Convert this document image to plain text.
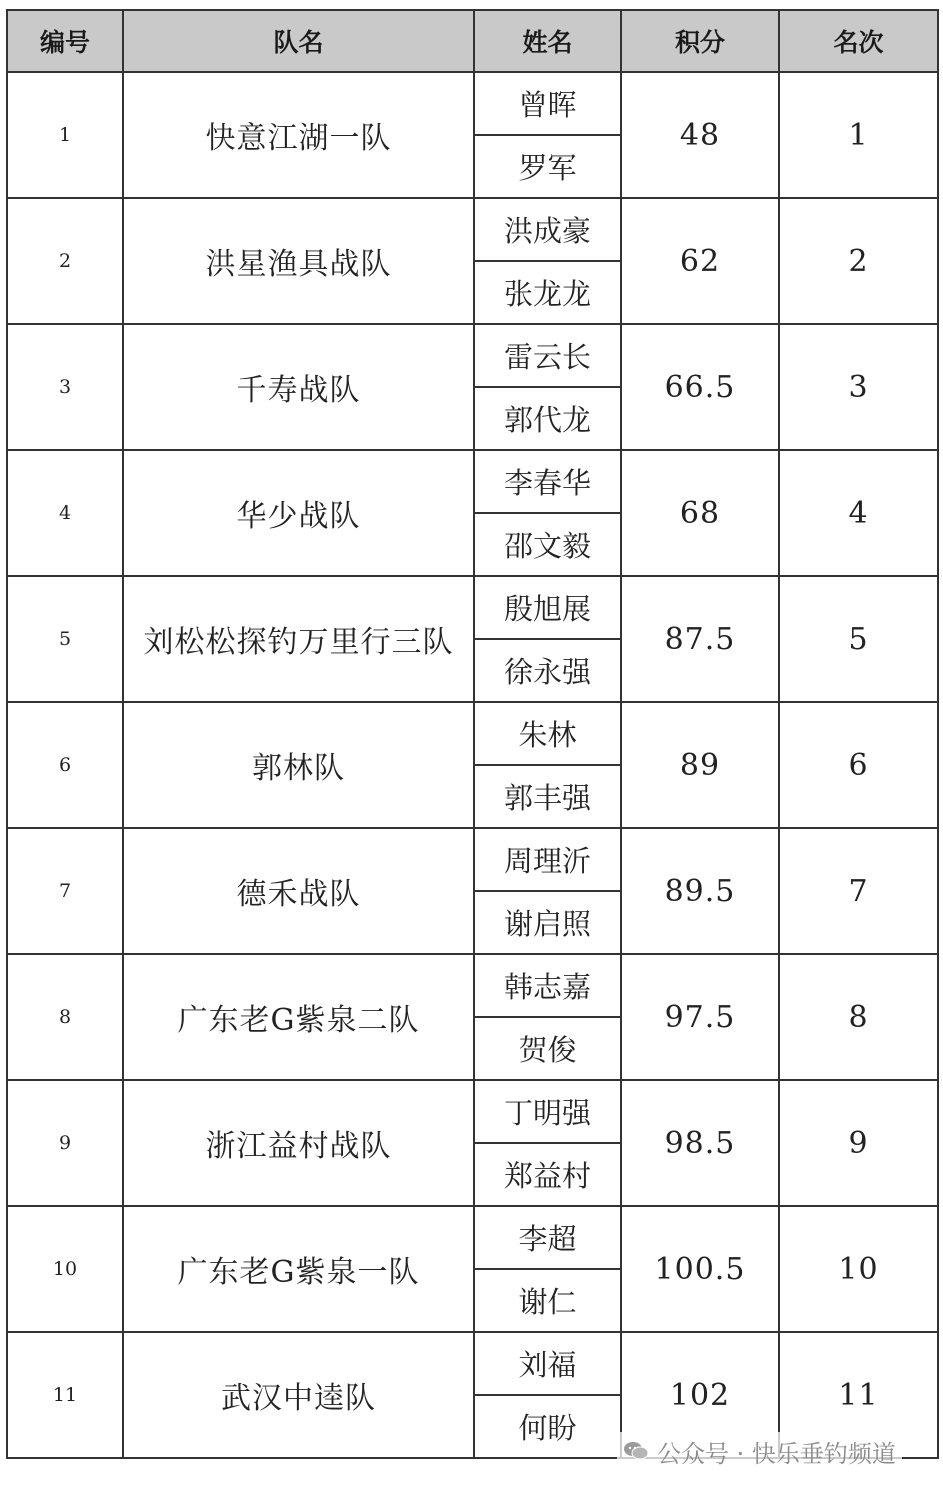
编号	队名	姓名	积分	名次
1	快意江湖一队	曾晖	48	1
		罗军		
2	洪星渔具战队	洪成豪	62	2
		张龙龙		
3	千寿战队	雷云长	66.5	3
		郭代龙		
4	华少战队	李春华	68	4
		邵文毅		
5	刘松松探钓万里行三队	殷旭展	87.5	5
		徐永强		
6	郭林队	朱林	89	6
		郭丰强		
7	德禾战队	周理沂	89.5	7
		谢启照		
8	广东老G紫泉二队	韩志嘉	97.5	8
		贺俊		
9	浙江益村战队	丁明强	98.5	9
		郑益村		
10	广东老G紫泉一队	李超	100.5	10
		谢仁		
11	武汉中逵队	刘福	102	11
		何盼		
公众号 · 快乐垂钓频道
